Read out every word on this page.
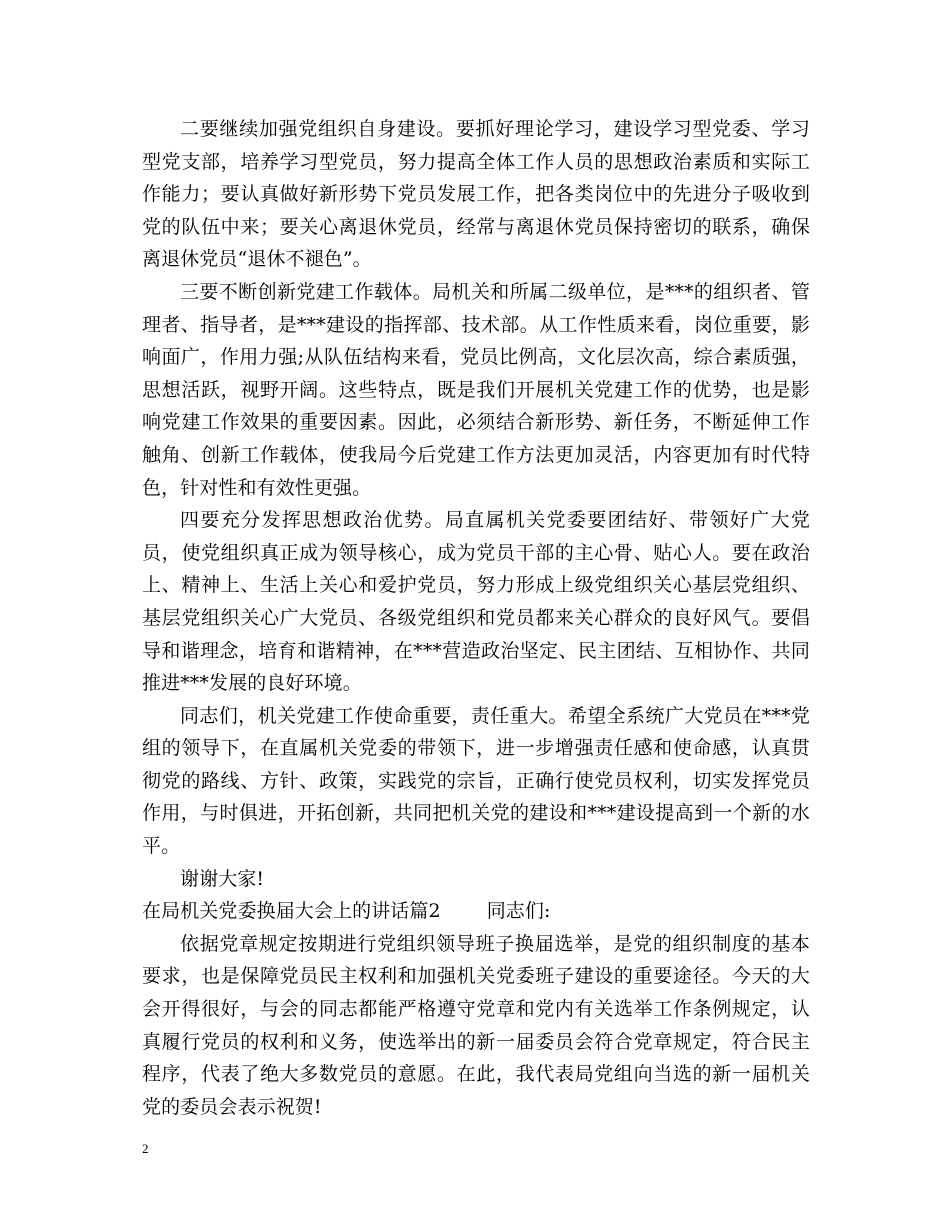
二要继续加强党组织自身建设。要抓好理论学习，建设学习型党委、学习型党支部，培养学习型党员，努力提高全体工作人员的思想政治素质和实际工作能力；要认真做好新形势下党员发展工作，把各类岗位中的先进分子吸收到党的队伍中来；要关心离退休党员，经常与离退休党员保持密切的联系，确保离退休党员“退休不褪色”。

三要不断创新党建工作载体。局机关和所属二级单位，是***的组织者、管理者、指导者，是***建设的指挥部、技术部。从工作性质来看，岗位重要，影响面广，作用力强;从队伍结构来看，党员比例高，文化层次高，综合素质强，思想活跃，视野开阔。这些特点，既是我们开展机关党建工作的优势，也是影响党建工作效果的重要因素。因此，必须结合新形势、新任务，不断延伸工作触角、创新工作载体，使我局今后党建工作方法更加灵活，内容更加有时代特色，针对性和有效性更强。

四要充分发挥思想政治优势。局直属机关党委要团结好、带领好广大党员，使党组织真正成为领导核心，成为党员干部的主心骨、贴心人。要在政治上、精神上、生活上关心和爱护党员，努力形成上级党组织关心基层党组织、基层党组织关心广大党员、各级党组织和党员都来关心群众的良好风气。要倡导和谐理念，培育和谐精神，在***营造政治坚定、民主团结、互相协作、共同推进***发展的良好环境。

同志们，机关党建工作使命重要，责任重大。希望全系统广大党员在***党组的领导下，在直属机关党委的带领下，进一步增强责任感和使命感，认真贯彻党的路线、方针、政策，实践党的宗旨，正确行使党员权利，切实发挥党员作用，与时俱进，开拓创新，共同把机关党的建设和***建设提高到一个新的水平。

谢谢大家!

在局机关党委换届大会上的讲话篇2 同志们:

依据党章规定按期进行党组织领导班子换届选举，是党的组织制度的基本要求，也是保障党员民主权利和加强机关党委班子建设的重要途径。今天的大会开得很好，与会的同志都能严格遵守党章和党内有关选举工作条例规定，认真履行党员的权利和义务，使选举出的新一届委员会符合党章规定，符合民主程序，代表了绝大多数党员的意愿。在此，我代表局党组向当选的新一届机关党的委员会表示祝贺!

2
